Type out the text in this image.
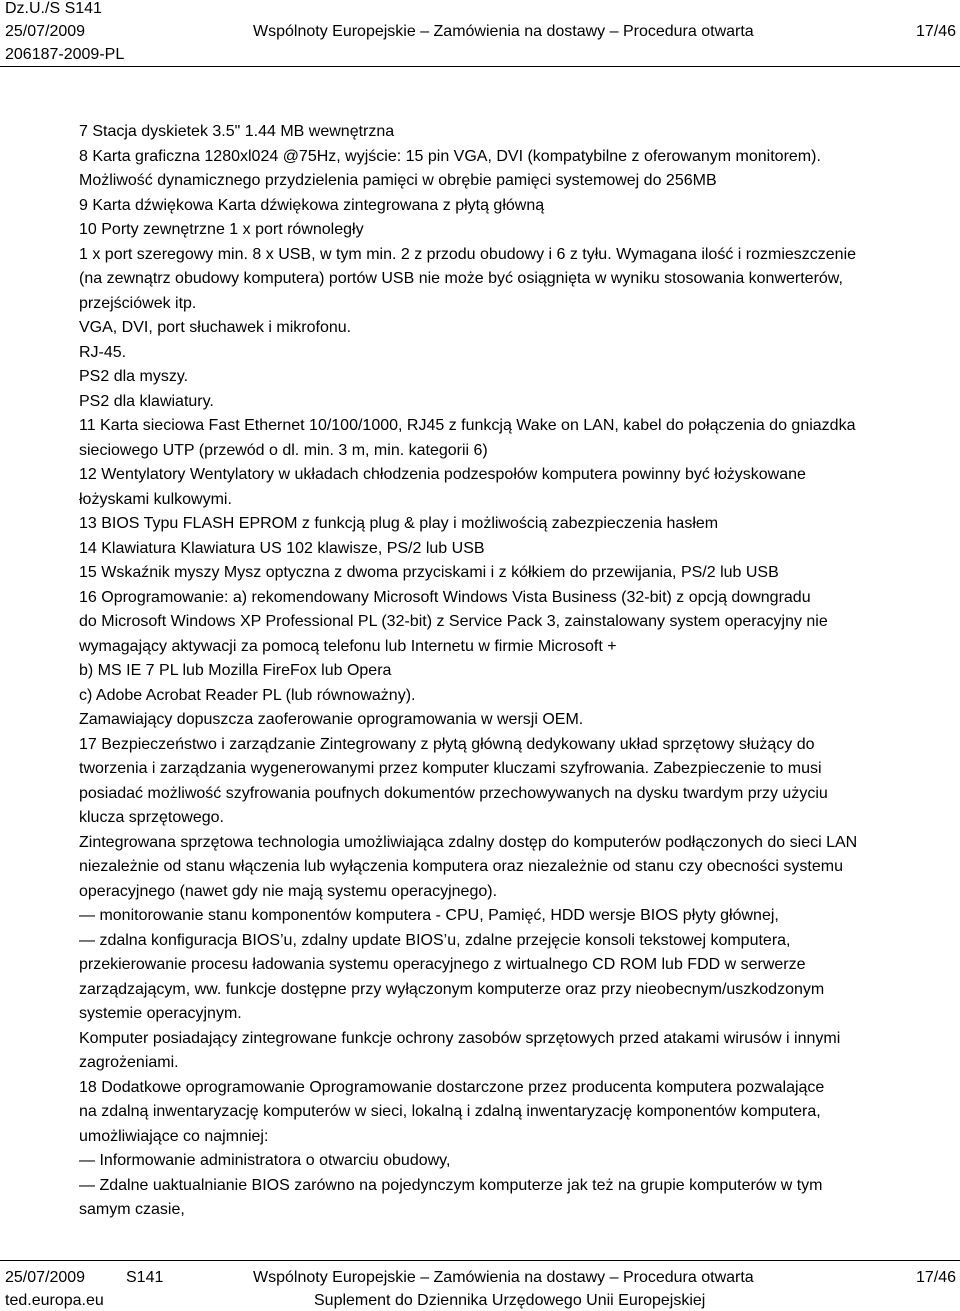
Dz.U./S S141
25/07/2009
206187-2009-PL
Wspólnoty Europejskie – Zamówienia na dostawy – Procedura otwarta	17/46

7 Stacja dyskietek 3.5" 1.44 MB wewnętrzna

8 Karta graficzna 1280xl024 @75Hz, wyjście: 15 pin VGA, DVI (kompatybilne z oferowanym monitorem).

Możliwość dynamicznego przydzielenia pamięci w obrębie pamięci systemowej do 256MB

9 Karta dźwiękowa Karta dźwiękowa zintegrowana z płytą główną

10 Porty zewnętrzne 1 x port równoległy

1 x port szeregowy min. 8 x USB, w tym min. 2 z przodu obudowy i 6 z tyłu. Wymagana ilość i rozmieszczenie

(na zewnątrz obudowy komputera) portów USB nie może być osiągnięta w wyniku stosowania konwerterów,

przejściówek itp.

VGA, DVI, port słuchawek i mikrofonu.

RJ-45.

PS2 dla myszy.

PS2 dla klawiatury.

11 Karta sieciowa Fast Ethernet 10/100/1000, RJ45 z funkcją Wake on LAN, kabel do połączenia do gniazdka

sieciowego UTP (przewód o dl. min. 3 m, min. kategorii 6)

12 Wentylatory Wentylatory w układach chłodzenia podzespołów komputera powinny być łożyskowane

łożyskami kulkowymi.

13 BIOS Typu FLASH EPROM z funkcją plug & play i możliwością zabezpieczenia hasłem

14 Klawiatura Klawiatura US 102 klawisze, PS/2 lub USB

15 Wskaźnik myszy Mysz optyczna z dwoma przyciskami i z kółkiem do przewijania, PS/2 lub USB

16 Oprogramowanie: a) rekomendowany Microsoft Windows Vista Business (32-bit) z opcją downgradu

do Microsoft Windows XP Professional PL (32-bit) z Service Pack 3, zainstalowany system operacyjny nie

wymagający aktywacji za pomocą telefonu lub Internetu w firmie Microsoft +

b) MS IE 7 PL lub Mozilla FireFox lub Opera

c) Adobe Acrobat Reader PL (lub równoważny).

Zamawiający dopuszcza zaoferowanie oprogramowania w wersji OEM.

17 Bezpieczeństwo i zarządzanie Zintegrowany z płytą główną dedykowany układ sprzętowy służący do

tworzenia i zarządzania wygenerowanymi przez komputer kluczami szyfrowania. Zabezpieczenie to musi

posiadać możliwość szyfrowania poufnych dokumentów przechowywanych na dysku twardym przy użyciu

klucza sprzętowego.

Zintegrowana sprzętowa technologia umożliwiająca zdalny dostęp do komputerów podłączonych do sieci LAN

niezależnie od stanu włączenia lub wyłączenia komputera oraz niezależnie od stanu czy obecności systemu

operacyjnego (nawet gdy nie mają systemu operacyjnego).

— monitorowanie stanu komponentów komputera - CPU, Pamięć, HDD wersje BIOS płyty głównej,

— zdalna konfiguracja BIOS’u, zdalny update BIOS’u, zdalne przejęcie konsoli tekstowej komputera,

przekierowanie procesu ładowania systemu operacyjnego z wirtualnego CD ROM lub FDD w serwerze

zarządzającym, ww. funkcje dostępne przy wyłączonym komputerze oraz przy nieobecnym/uszkodzonym

systemie operacyjnym.

Komputer posiadający zintegrowane funkcje ochrony zasobów sprzętowych przed atakami wirusów i innymi

zagrożeniami.

18 Dodatkowe oprogramowanie Oprogramowanie dostarczone przez producenta komputera pozwalające

na zdalną inwentaryzację komputerów w sieci, lokalną i zdalną inwentaryzację komponentów komputera,

umożliwiające co najmniej:

— Informowanie administratora o otwarciu obudowy,

— Zdalne uaktualnianie BIOS zarówno na pojedynczym komputerze jak też na grupie komputerów w tym

samym czasie,

25/07/2009	S141
ted.europa.eu
Wspólnoty Europejskie – Zamówienia na dostawy – Procedura otwarta
Suplement do Dziennika Urzędowego Unii Europejskiej
17/46
